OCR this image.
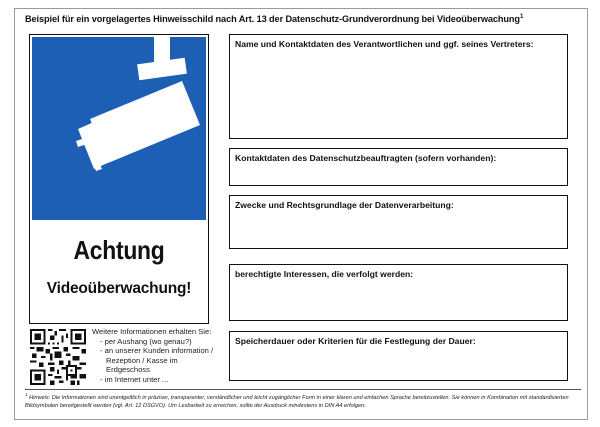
Beispiel für ein vorgelagertes Hinweisschild nach Art. 13 der Datenschutz-Grundverordnung bei Videoüberwachung$^1$
Achtung
Videoüberwachung!
Name und Kontaktdaten des Verantwortlichen und ggf. seines Vertreters:
Kontaktdaten des Datenschutzbeauftragten (sofern vorhanden):
Zwecke und Rechtsgrundlage der Datenverarbeitung:
berechtigte Interessen, die verfolgt werden:
Speicherdauer oder Kriterien für die Festlegung der Dauer:
Weitere Informationen erhalten Sie:
- per Aushang (wo genau?)
- an unserer Kunden information /
Rezeption / Kasse im
Erdgeschoss
- im Internet unter ...
$^1$ Hinweis: Die Informationen sind unentgeltlich in präziser, transparenter, verständlicher und leicht zugänglicher Form in einer klaren und einfachen Sprache bereitzustellen. Sie können in Kombination mit standardisierten Bildsymbolen bereitgestellt werden (vgl. Art. 12 DSGVO). Um Lesbarkeit zu erreichen, sollte der Ausdruck mindestens in DIN A4 erfolgen.
